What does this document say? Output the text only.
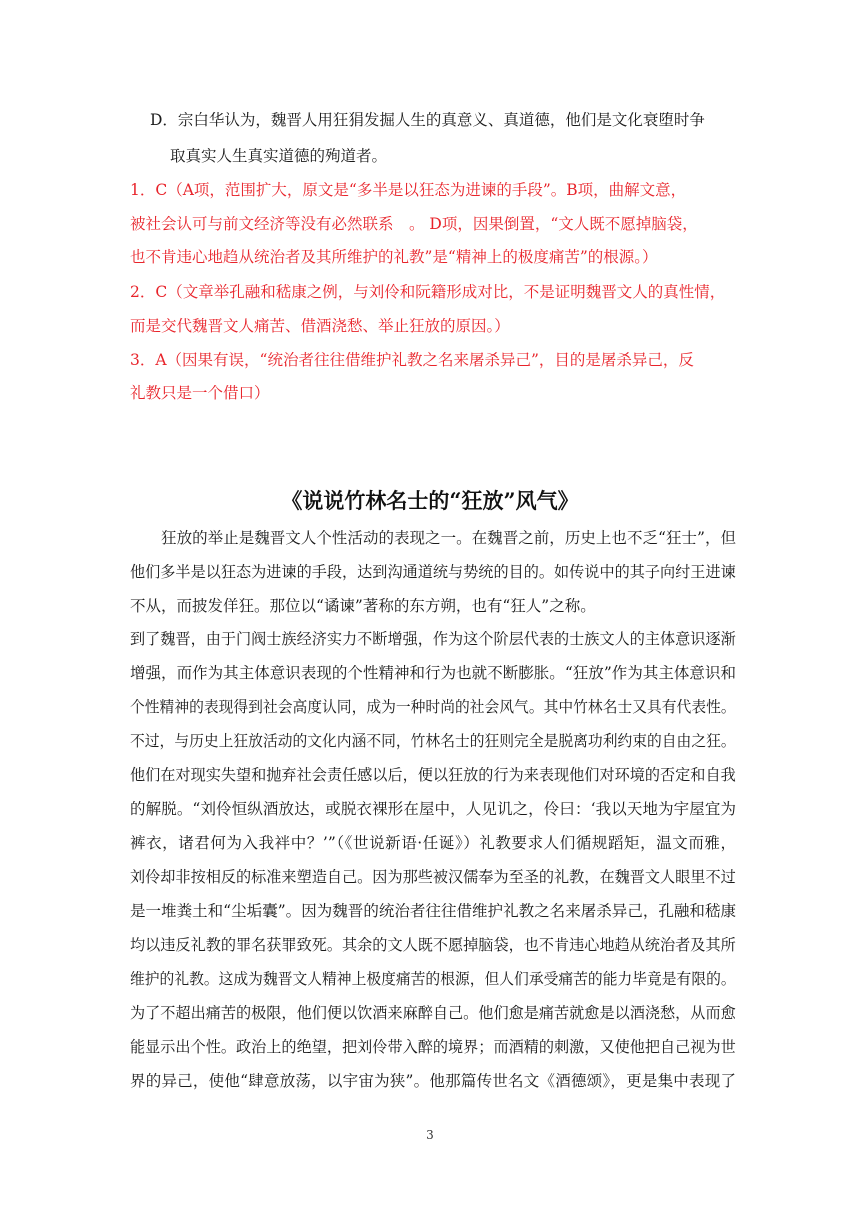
D．宗白华认为，魏晋人用狂狷发掘人生的真意义、真道德，他们是文化衰堕时争

取真实人生真实道德的殉道者。

1．C（A项，范围扩大，原文是“多半是以狂态为进谏的手段”。B项，曲解文意，

被社会认可与前文经济等没有必然联系　。 D项，因果倒置，“文人既不愿掉脑袋，

也不肯违心地趋从统治者及其所维护的礼教”是“精神上的极度痛苦”的根源。）

2．C（文章举孔融和嵇康之例，与刘伶和阮籍形成对比，不是证明魏晋文人的真性情，

而是交代魏晋文人痛苦、借酒浇愁、举止狂放的原因。）

3．A（因果有误，“统治者往往借维护礼教之名来屠杀异己”，目的是屠杀异己，反

礼教只是一个借口）

《说说竹林名士的“狂放”风气》

　　狂放的举止是魏晋文人个性活动的表现之一。在魏晋之前，历史上也不乏“狂士”，但

他们多半是以狂态为进谏的手段，达到沟通道统与势统的目的。如传说中的其子向纣王进谏

不从，而披发佯狂。那位以“谲谏”著称的东方朔，也有“狂人”之称。

到了魏晋，由于门阀士族经济实力不断增强，作为这个阶层代表的士族文人的主体意识逐渐

增强，而作为其主体意识表现的个性精神和行为也就不断膨胀。“狂放”作为其主体意识和

个性精神的表现得到社会高度认同，成为一种时尚的社会风气。其中竹林名士又具有代表性。

不过，与历史上狂放活动的文化内涵不同，竹林名士的狂则完全是脱离功利约束的自由之狂。

他们在对现实失望和抛弃社会责任感以后，便以狂放的行为来表现他们对环境的否定和自我

的解脱。“刘伶恒纵酒放达，或脱衣裸形在屋中，人见讥之，伶曰：‘我以天地为宇屋宜为

裤衣，诸君何为入我袢中？’”（《世说新语·任诞》）礼教要求人们循规蹈矩，温文而雅，

刘伶却非按相反的标准来塑造自己。因为那些被汉儒奉为至圣的礼教，在魏晋文人眼里不过

是一堆粪土和“尘垢囊”。因为魏晋的统治者往往借维护礼教之名来屠杀异己，孔融和嵇康

均以违反礼教的罪名获罪致死。其余的文人既不愿掉脑袋，也不肯违心地趋从统治者及其所

维护的礼教。这成为魏晋文人精神上极度痛苦的根源，但人们承受痛苦的能力毕竟是有限的。

为了不超出痛苦的极限，他们便以饮酒来麻醉自己。他们愈是痛苦就愈是以酒浇愁，从而愈

能显示出个性。政治上的绝望，把刘伶带入醉的境界；而酒精的刺激，又使他把自己视为世

界的异己，使他“肆意放荡，以宇宙为狭”。他那篇传世名文《酒德颂》，更是集中表现了

3
